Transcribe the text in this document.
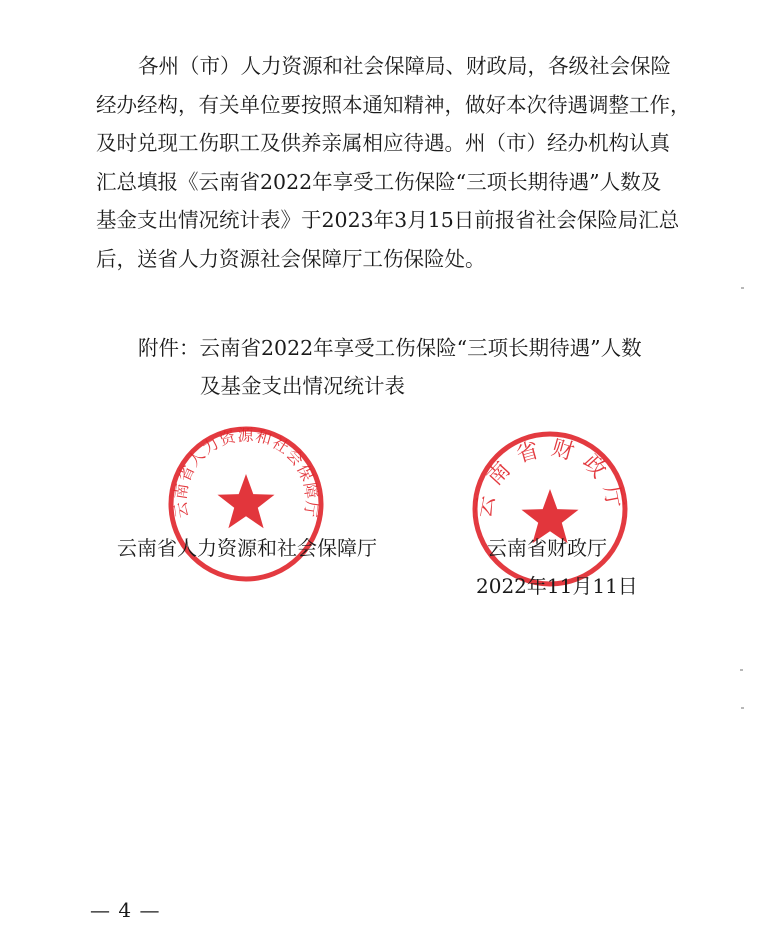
各州（市）人力资源和社会保障局、财政局，各级社会保险
经办经构，有关单位要按照本通知精神，做好本次待遇调整工作，
及时兑现工伤职工及供养亲属相应待遇。州（市）经办机构认真
汇总填报《云南省2022年享受工伤保险“三项长期待遇”人数及
基金支出情况统计表》于2023年3月15日前报省社会保险局汇总
后，送省人力资源社会保障厅工伤保险处。
附件：云南省2022年享受工伤保险“三项长期待遇”人数
及基金支出情况统计表
云南省人力资源和社会保障厅	云南省财政厅
云南省人力资源和社会保障厅	云南省财政厅
2022年11月11日
— 4 —
